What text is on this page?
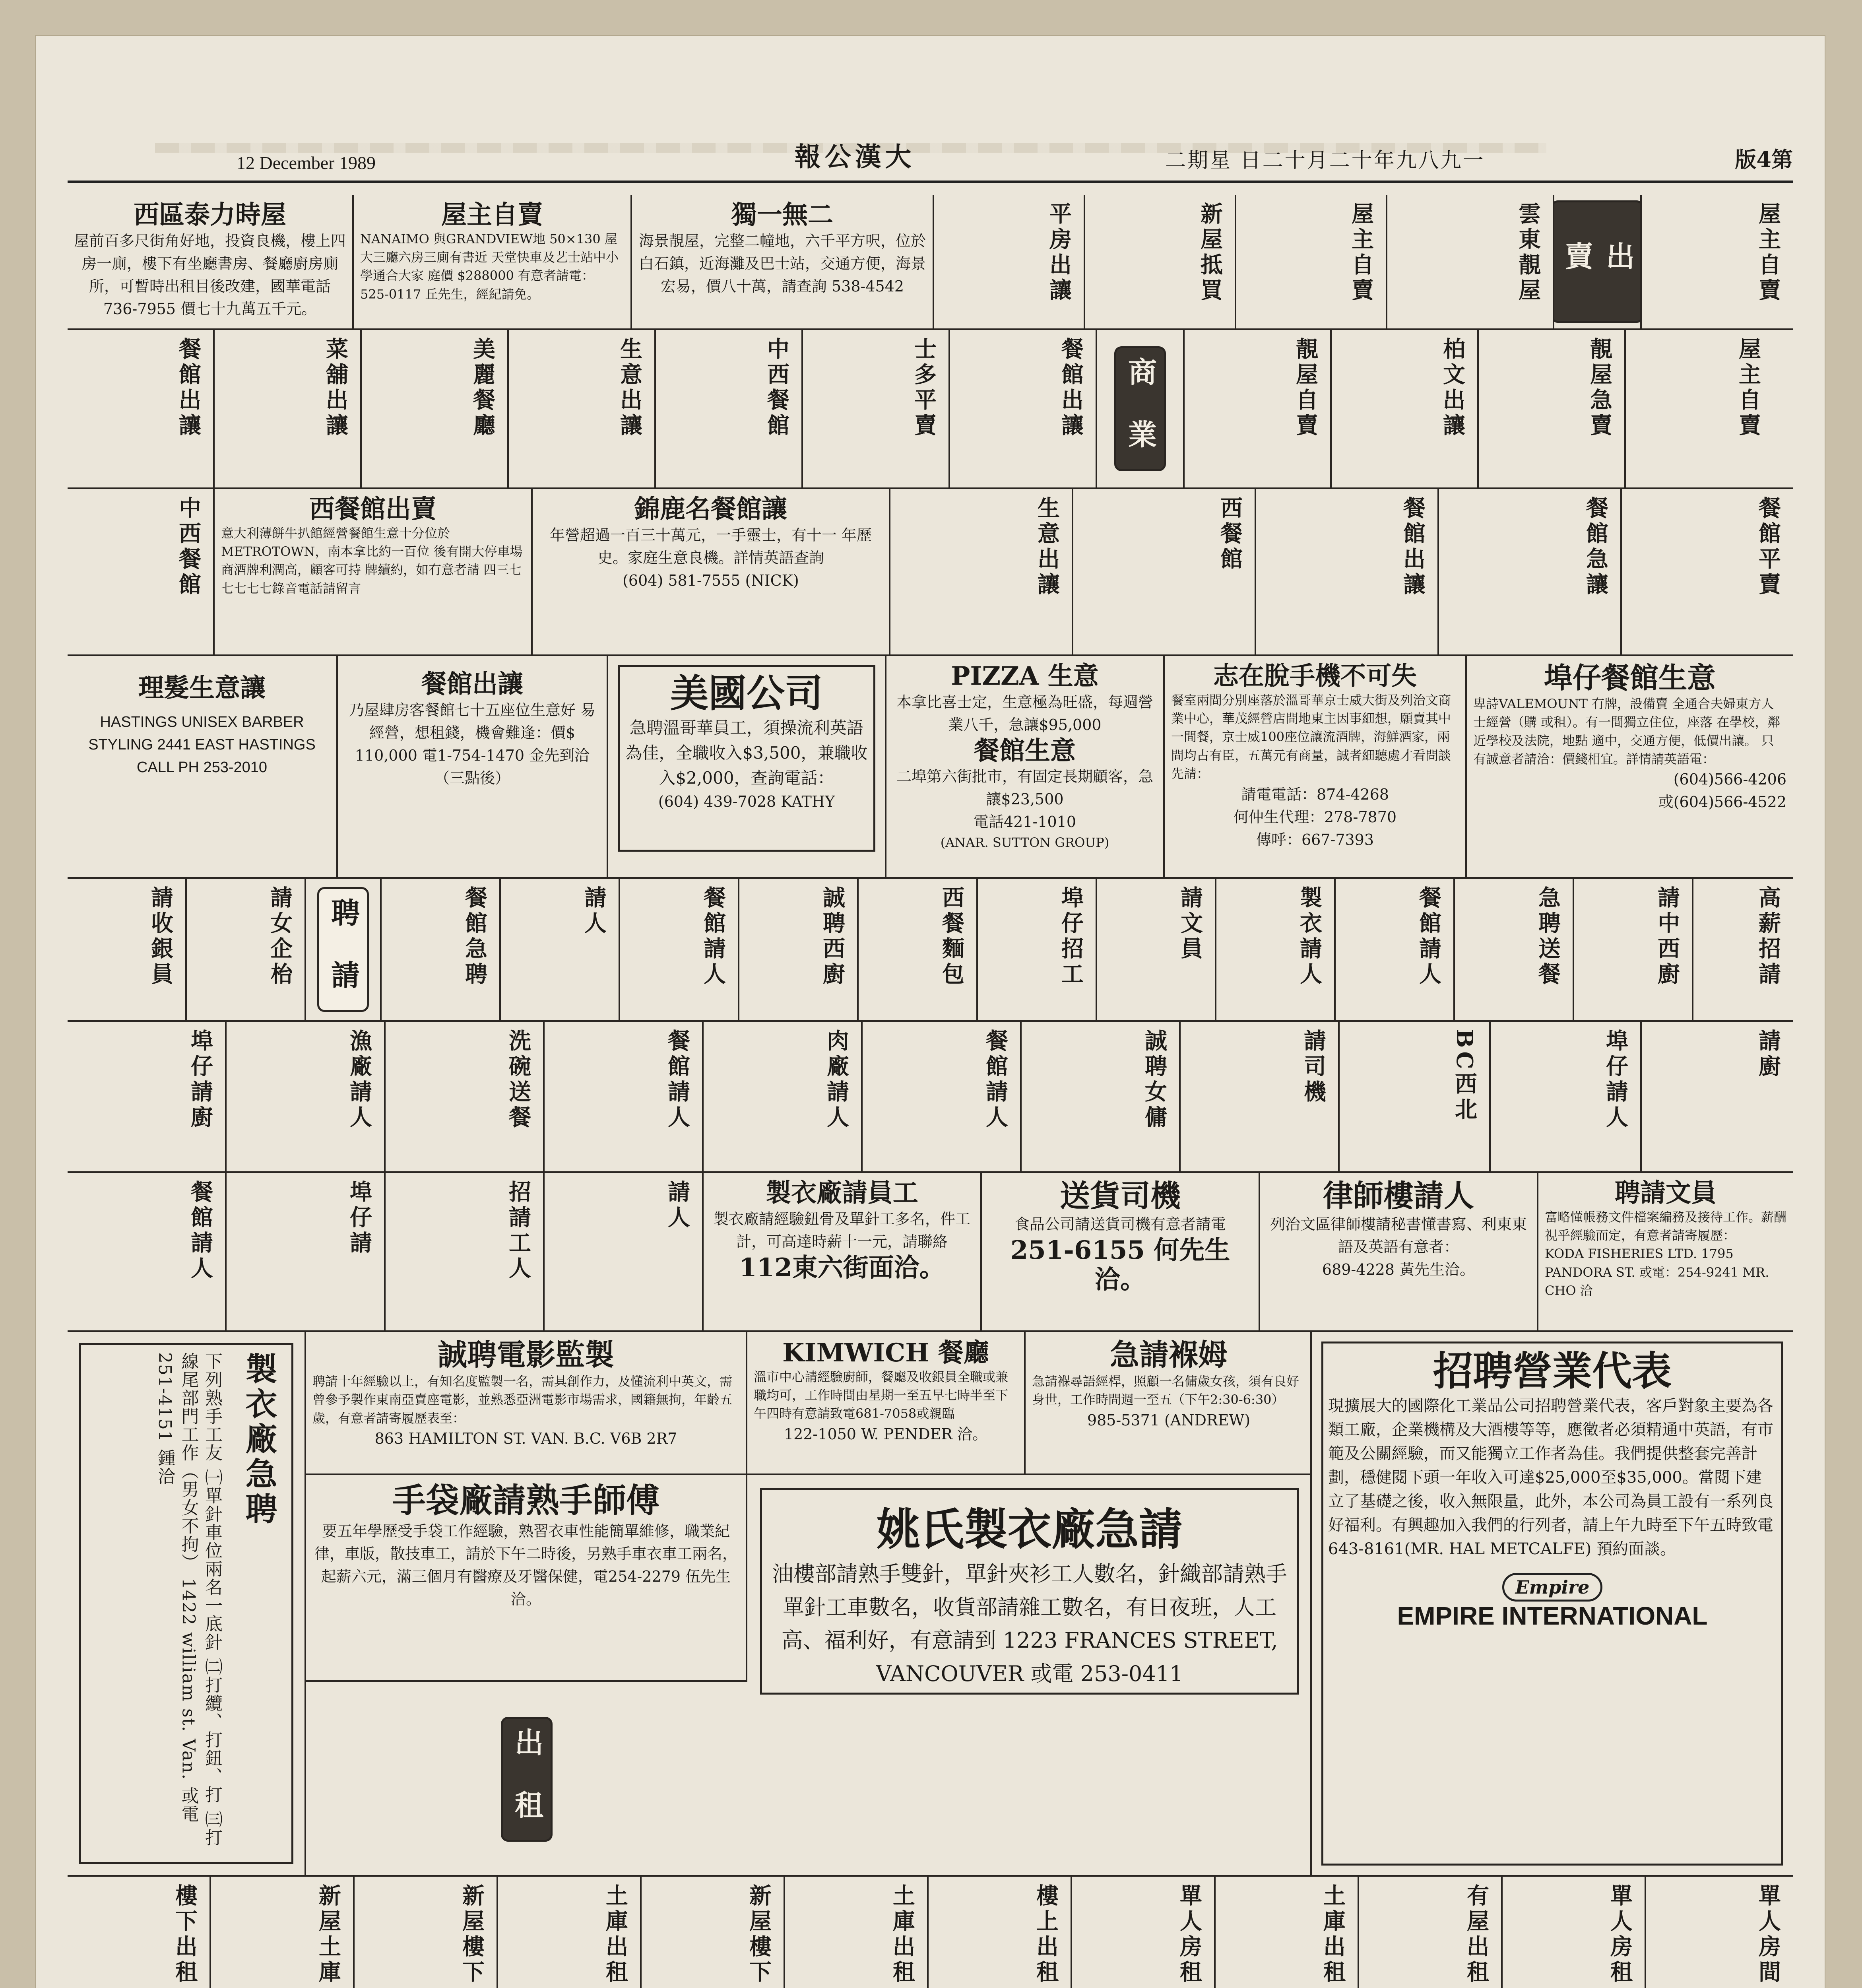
12 December 1989	報公漢大	二期星 日二十月二十年九八九一	版4第
西區泰力時屋
屋前百多尺街角好地，投資良機，樓上四房一廁，樓下有坐廳書房、餐廳廚房廁所，可暫時出租目後改建，國華電話736-7955 價七十九萬五千元。
屋主自賣
NANAIMO 與GRANDVIEW地 50×130 屋大三廳六房三廁有書近 天堂快車及艺士站中小學通合大家 庭價 $288000 有意者請電： 525-0117 丘先生，經紀請免。
獨一無二
海景靚屋，完整二幢地，六千平方呎，位於白石鎮，近海灘及巴士站，交通方便，海景宏易，價八十萬，請查詢 538-4542	平房出讓	新屋抵買	屋主自賣	雲東靚屋	出 賣	屋主自賣
餐館出讓	菜舖出讓	美麗餐廳	生意出讓	中西餐館	士多平賣	餐館出讓	商 業	靚屋自賣	柏文出讓	靚屋急賣	屋主自賣
中西餐館	西餐館出賣
意大利薄餅牛扒館經營餐館生意十分位於METROTOWN，南本拿比約一百位 後有開大停車場商酒牌利潤高，顧客可持 牌續約，如有意者請 四三七七七七七錄音電話請留言
錦鹿名餐館讓
年營超過一百三十萬元，一手靈士，有十一 年歷史。家庭生意良機。詳情英語查詢
(604) 581-7555 (NICK)	生意出讓	西餐館	餐館出讓	餐館急讓	餐館平賣
理髮生意讓
HASTINGS UNISEX BARBER STYLING 2441 EAST HASTINGS CALL PH 253-2010
餐館出讓
乃屋肆房客餐館七十五座位生意好 易經營，想租錢，機會難逢：價$ 110,000 電1-754-1470 金先到洽 （三點後）
美國公司
急聘溫哥華員工，須操流利英語為佳，全職收入$3,500，兼職收入$2,000，查詢電話：
(604) 439-7028 KATHY
PIZZA 生意
本拿比喜士定，生意極為旺盛，每週營業八千，急讓$95,000
餐館生意
二埠第六街批市，有固定長期顧客，急讓$23,500
電話421-1010
(ANAR. SUTTON GROUP)
志在脫手機不可失
餐室兩間分別座落於溫哥華京士威大街及列治文商業中心，華茂經營店間地東主因事細想，願賣其中一間餐，京士威100座位讓流酒牌，海鮮酒家，兩間均占有臣，五萬元有商量，誠者細聽處才看問談先請：
請電電話：874-4268
何仲生代理：278-7870
傳呼：667-7393
埠仔餐館生意
卑詩VALEMOUNT 有牌，設備賣 全通合夫婦東方人士經營（購 或租）。有一間獨立住位，座落 在學校，鄰近學校及法院，地點 適中，交通方便，低價出讓。 只有誠意者請洽：價錢相宜。詳情請英語電：
(604)566-4206
或(604)566-4522
請收銀員	請女企枱	聘 請	餐館急聘	請人	餐館請人	誠聘西廚	西餐麵包	埠仔招工	請文員	製衣請人	餐館請人	急聘送餐	請中西廚	高薪招請
埠仔請廚	漁廠請人	洗碗送餐	餐館請人	肉廠請人	餐館請人	誠聘女傭	請司機	BC西北	埠仔請人	請廚
餐館請人	埠仔請	招請工人	請人	製衣廠請員工
製衣廠請經驗鈕骨及單針工多名，件工計，可高達時薪十一元，請聯絡
112東六街面洽。
送貨司機
食品公司請送貨司機有意者請電
251-6155 何先生洽。
律師樓請人
列治文區律師樓請秘書懂書寫、利東東語及英語有意者：
689-4228 黃先生洽。
聘請文員
富略懂帳務文件檔案編務及接待工作。薪酬視乎經驗而定，有意者請寄履歷：
KODA FISHERIES LTD. 1795 PANDORA ST. 或電：254-9241 MR. CHO 洽
製衣廠急聘
下列熟手工友 ㈠單針車位兩名一底針 ㈡打纜、打鈕、打 ㈢打線尾部門工作（男女不拘） 1422 william st. Van. 或電 251-4151 鍾洽	誠聘電影監製
聘請十年經驗以上，有知名度監製一名，需具創作力，及懂流利中英文，需曾參予製作東南亞賣座電影，並熟悉亞洲電影市場需求，國籍無拘，年齡五歲，有意者請寄履歷表至：
863 HAMILTON ST. VAN. B.C. V6B 2R7
KIMWICH 餐廳
溫市中心請經驗廚師，餐廳及收銀員全職或兼職均可，工作時間由星期一至五早七時半至下午四時有意請致電681-7058或親臨
122-1050 W. PENDER 洽。
急請褓姆
急請褓尋語經桿，照顧一名傭歲女孩，須有良好身世，工作時間週一至五（下午2:30-6:30）
985-5371 (ANDREW)
手袋廠請熟手師傅
要五年學歷受手袋工作經驗，熟習衣車性能簡單維修，職業紀律，車版，散技車工，請於下午二時後，另熟手車衣車工兩名，起薪六元，滿三個月有醫療及牙醫保健，電254-2279 伍先生洽。
姚氏製衣廠急請
油樓部請熟手雙針，單針夾衫工人數名，針織部請熟手單針工車數名，收貨部請雜工數名，有日夜班，人工高、福利好，有意請到 1223 FRANCES STREET, VANCOUVER 或電 253-0411
出 租
招聘營業代表
現擴展大的國際化工業品公司招聘營業代表，客戶對象主要為各類工廠，企業機構及大酒樓等等，應徵者必須精通中英語，有市範及公關經驗，而又能獨立工作者為佳。我們提供整套完善計劃，穩健閱下頭一年收入可達$25,000至$35,000。當閱下建立了基礎之後，收入無限量，此外，本公司為員工設有一系列良好福利。有興趣加入我們的行列者，請上午九時至下午五時致電643-8161(MR. HAL METCALFE) 預約面談。
Empire
EMPIRE INTERNATIONAL
樓下出租	新屋土庫	新屋樓下	土庫出租	新屋樓下	土庫出租	樓上出租	單人房租	土庫出租	有屋出租	單人房租	單人房間
